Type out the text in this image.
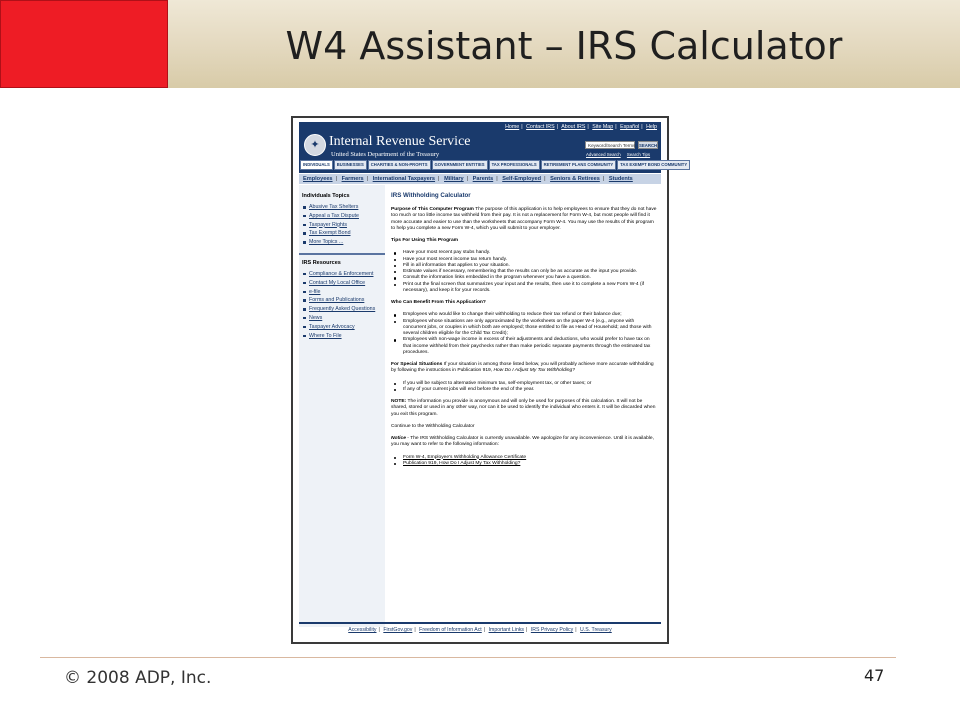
W4 Assistant – IRS Calculator
Home | Contact IRS | About IRS | Site Map | Español | Help
✦ Internal Revenue Service
United States Department of the Treasury
Keyword/Search Terms SEARCH
Advanced Search Search Tips
INDIVIDUALS	BUSINESSES	CHARITIES & NON-PROFITS	GOVERNMENT ENTITIES	TAX PROFESSIONALS	RETIREMENT PLANS COMMUNITY	TAX EXEMPT BOND COMMUNITY
Employees | Farmers | International Taxpayers | Military | Parents | Self-Employed | Seniors & Retirees | Students
Individuals Topics
Abusive Tax Shelters
Appeal a Tax Dispute
Taxpayer Rights
Tax Exempt Bond
More Topics ...
IRS Resources
Compliance & Enforcement
Contact My Local Office
e-file
Forms and Publications
Frequently Asked Questions
News
Taxpayer Advocacy
Where To File
IRS Withholding Calculator
Purpose of This Computer Program The purpose of this application is to help employees to ensure that they do not have too much or too little income tax withheld from their pay. It is not a replacement for Form W-4, but most people will find it more accurate and easier to use than the worksheets that accompany Form W-4. You may use the results of this program to help you complete a new Form W-4, which you will submit to your employer.
Tips For Using This Program
Have your most recent pay stubs handy.
Have your most recent income tax return handy.
Fill in all information that applies to your situation.
Estimate values if necessary, remembering that the results can only be as accurate as the input you provide.
Consult the information links embedded in the program whenever you have a question.
Print out the final screen that summarizes your input and the results, then use it to complete a new Form W-4 (if necessary), and keep it for your records.
Who Can Benefit From This Application?
Employees who would like to change their withholding to reduce their tax refund or their balance due;
Employees whose situations are only approximated by the worksheets on the paper W-4 (e.g., anyone with concurrent jobs, or couples in which both are employed; those entitled to file as Head of Household; and those with several children eligible for the Child Tax Credit);
Employees with non-wage income in excess of their adjustments and deductions, who would prefer to have tax on that income withheld from their paychecks rather than make periodic separate payments through the estimated tax procedures.
For Special Situations If your situation is among those listed below, you will probably achieve more accurate withholding by following the instructions in Publication 919, How Do I Adjust My Tax Withholding?
If you will be subject to alternative minimum tax, self-employment tax, or other taxes; or
If any of your current jobs will end before the end of the year.
NOTE: The information you provide is anonymous and will only be used for purposes of this calculation. It will not be shared, stored or used in any other way, nor can it be used to identify the individual who enters it. It will be discarded when you exit this program.
Continue to the Withholding Calculator
Notice - The IRS Withholding Calculator is currently unavailable. We apologize for any inconvenience. Until it is available, you may want to refer to the following information:
Form W-4, Employee's Withholding Allowance Certificate
Publication 919, How Do I Adjust My Tax Withholding?
Accessibility | FirstGov.gov | Freedom of Information Act | Important Links | IRS Privacy Policy | U.S. Treasury
© 2008 ADP, Inc.	47
